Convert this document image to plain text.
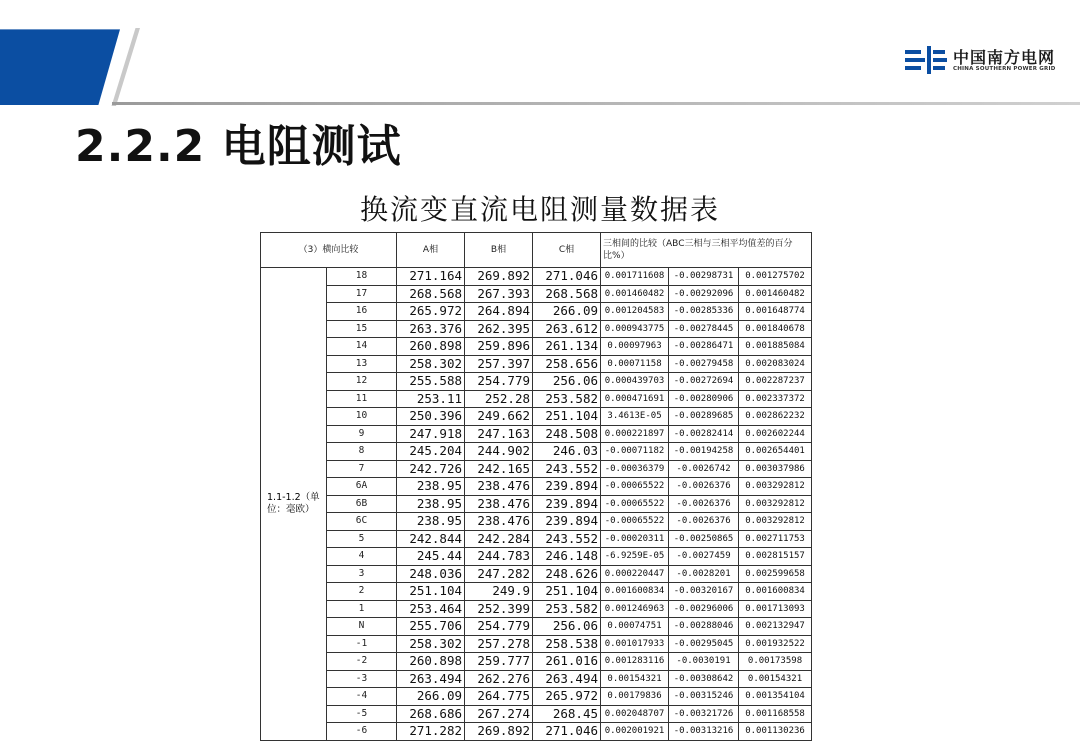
中国南方电网
CHINA SOUTHERN POWER GRID
2.2.2 电阻测试
换流变直流电阻测量数据表
（3）横向比较		A相	B相	C相	三相间的比较（ABC三相与三相平均值差的百分比%）		
1.1-1.2（单位：毫欧）	18	271.164	269.892	271.046	0.001711608	-0.00298731	0.001275702
	17	268.568	267.393	268.568	0.001460482	-0.00292096	0.001460482
	16	265.972	264.894	266.09	0.001204583	-0.00285336	0.001648774
	15	263.376	262.395	263.612	0.000943775	-0.00278445	0.001840678
	14	260.898	259.896	261.134	0.00097963	-0.00286471	0.001885084
	13	258.302	257.397	258.656	0.00071158	-0.00279458	0.002083024
	12	255.588	254.779	256.06	0.000439703	-0.00272694	0.002287237
	11	253.11	252.28	253.582	0.000471691	-0.00280906	0.002337372
	10	250.396	249.662	251.104	3.4613E-05	-0.00289685	0.002862232
	9	247.918	247.163	248.508	0.000221897	-0.00282414	0.002602244
	8	245.204	244.902	246.03	-0.00071182	-0.00194258	0.002654401
	7	242.726	242.165	243.552	-0.00036379	-0.0026742	0.003037986
	6A	238.95	238.476	239.894	-0.00065522	-0.0026376	0.003292812
	6B	238.95	238.476	239.894	-0.00065522	-0.0026376	0.003292812
	6C	238.95	238.476	239.894	-0.00065522	-0.0026376	0.003292812
	5	242.844	242.284	243.552	-0.00020311	-0.00250865	0.002711753
	4	245.44	244.783	246.148	-6.9259E-05	-0.0027459	0.002815157
	3	248.036	247.282	248.626	0.000220447	-0.0028201	0.002599658
	2	251.104	249.9	251.104	0.001600834	-0.00320167	0.001600834
	1	253.464	252.399	253.582	0.001246963	-0.00296006	0.001713093
	N	255.706	254.779	256.06	0.00074751	-0.00288046	0.002132947
	-1	258.302	257.278	258.538	0.001017933	-0.00295045	0.001932522
	-2	260.898	259.777	261.016	0.001283116	-0.0030191	0.00173598
	-3	263.494	262.276	263.494	0.00154321	-0.00308642	0.00154321
	-4	266.09	264.775	265.972	0.00179836	-0.00315246	0.001354104
	-5	268.686	267.274	268.45	0.002048707	-0.00321726	0.001168558
	-6	271.282	269.892	271.046	0.002001921	-0.00313216	0.001130236
